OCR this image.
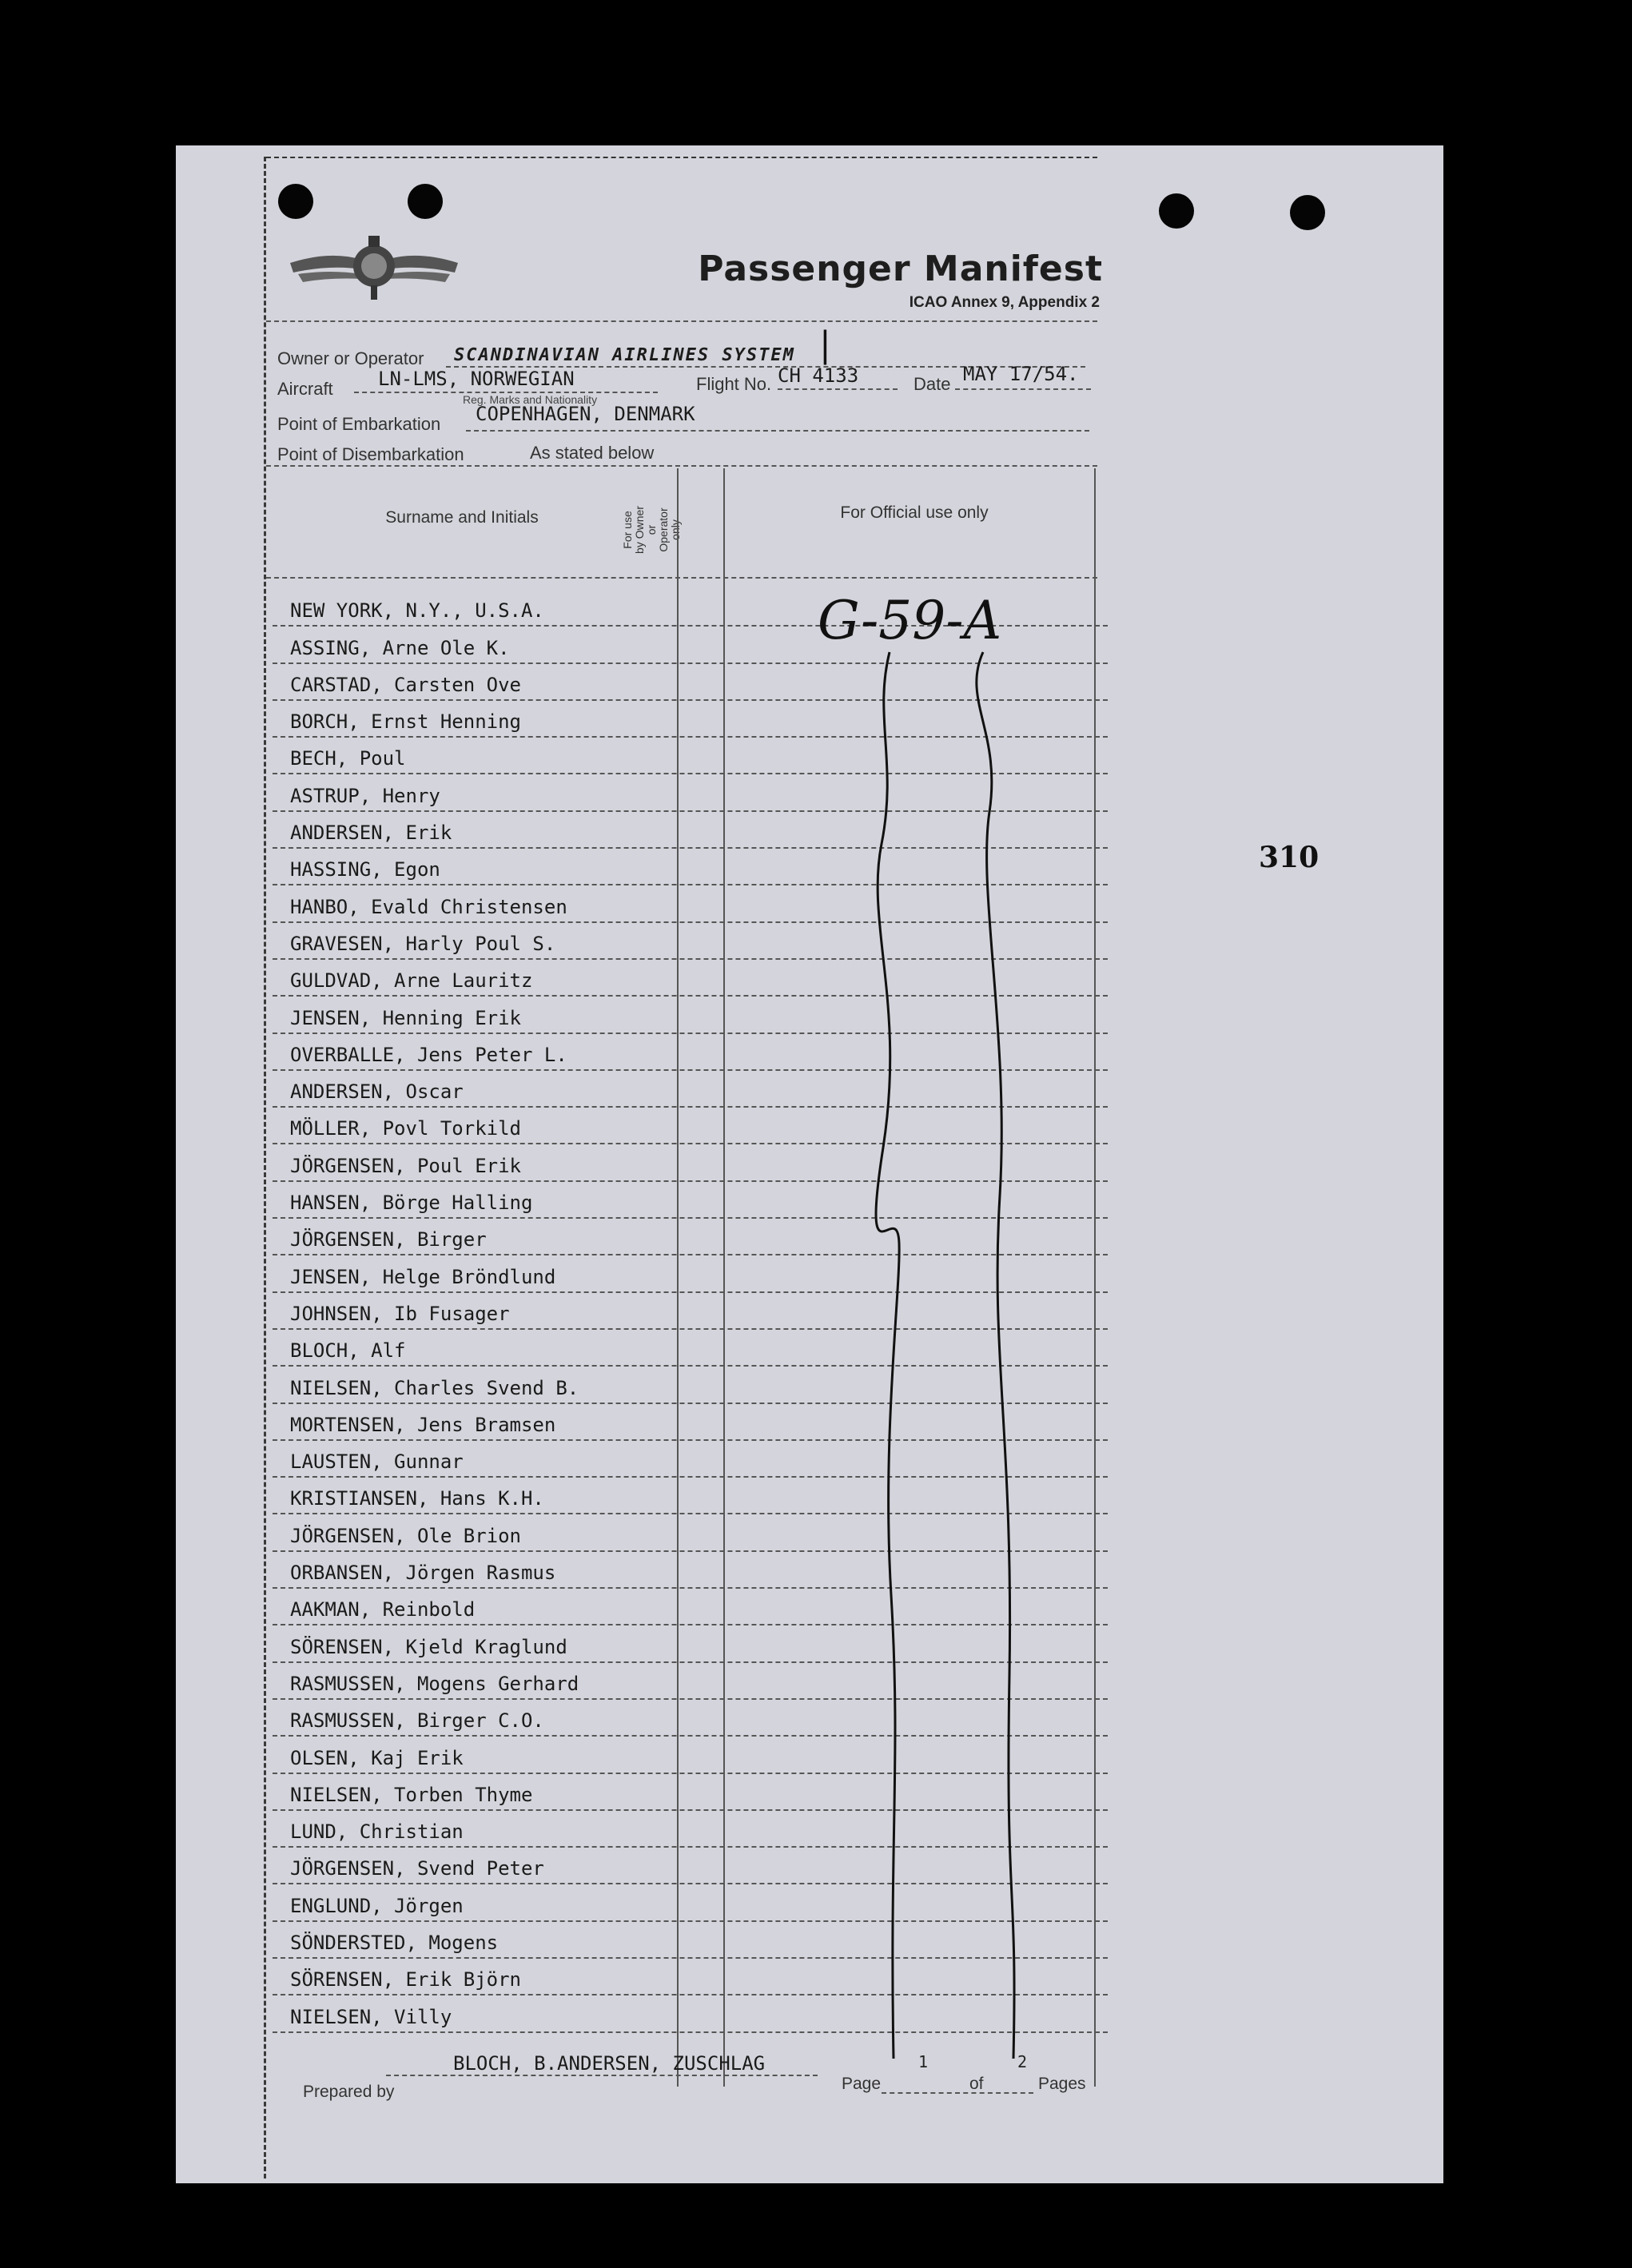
310
Passenger Manifest
ICAO Annex 9, Appendix 2
Owner or Operator SCANDINAVIAN AIRLINES SYSTEM |
Aircraft LN-LMS, NORWEGIAN
Reg. Marks and Nationality
Flight No. CH 4133	Date MAY 17/54.
Point of Embarkation COPENHAGEN, DENMARK
Point of Disembarkation	As stated below
Surname and Initials	For use by Owner or Operator only
For Official use only
NEW YORK, N.Y., U.S.A.
ASSING, Arne Ole K.
CARSTAD, Carsten Ove
BORCH, Ernst Henning
BECH, Poul
ASTRUP, Henry
ANDERSEN, Erik
HASSING, Egon
HANBO, Evald Christensen
GRAVESEN, Harly Poul S.
GULDVAD, Arne Lauritz
JENSEN, Henning Erik
OVERBALLE, Jens Peter L.
ANDERSEN, Oscar
MÖLLER, Povl Torkild
JÖRGENSEN, Poul Erik
HANSEN, Börge Halling
JÖRGENSEN, Birger
JENSEN, Helge Bröndlund
JOHNSEN, Ib Fusager
BLOCH, Alf
NIELSEN, Charles Svend B.
MORTENSEN, Jens Bramsen
LAUSTEN, Gunnar
KRISTIANSEN, Hans K.H.
JÖRGENSEN, Ole Brion
ORBANSEN, Jörgen Rasmus
AAKMAN, Reinbold
SÖRENSEN, Kjeld Kraglund
RASMUSSEN, Mogens Gerhard
RASMUSSEN, Birger C.O.
OLSEN, Kaj Erik
NIELSEN, Torben Thyme
LUND, Christian
JÖRGENSEN, Svend Peter
ENGLUND, Jörgen
SÖNDERSTED, Mogens
SÖRENSEN, Erik Björn
NIELSEN, Villy
G-59-A
BLOCH, B.ANDERSEN, ZUSCHLAG
Prepared by	Page
1
of
2
Pages
